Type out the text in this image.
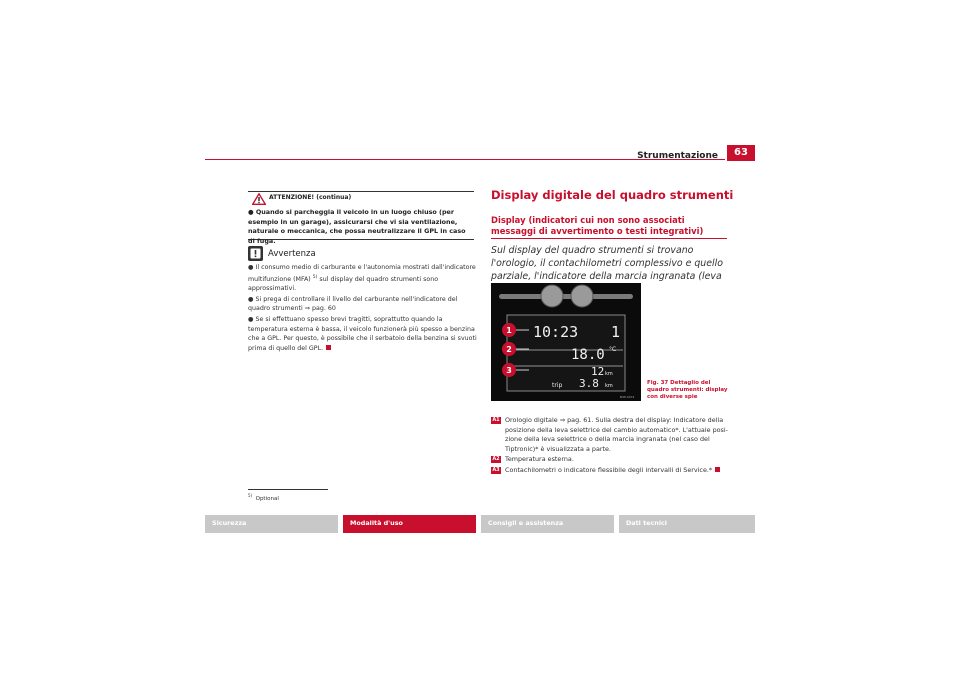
Strumentazione	63
ATTENZIONE! (continua)
● Quando si parcheggia il veicolo in un luogo chiuso (per esempio in un garage), assicurarsi che vi sia ventilazione, naturale o meccanica, che possa neutralizzare il GPL in caso di fuga.
Avvertenza

● Il consumo medio di carburante e l'autonomia mostrati dall'indicatore multifunzione (MFA) $^{5)}$ sul display del quadro strumenti sono approssimativi.

● Si prega di controllare il livello del carburante nell'indicatore del quadro strumenti ⇒ pag. 60

● Se si effettuano spesso brevi tragitti, soprattutto quando la temperatura esterna è bassa, il veicolo funzionerà più spesso a benzina che a GPL. Per questo, è possibile che il serbatoio della benzina si svuoti prima di quello del GPL.

$^{5)}$  Optional
Display digitale del quadro strumenti
Display (indicatori cui non sono associati messaggi di avvertimento o testi integrativi)
Sul display del quadro strumenti si trovano l'orologio, il contachilometri complessivo e quello parziale, l'indicatore della marcia ingranata (leva
1
2
3
10:23 1
18.0 °C
12 km
trip 3.8 km
B4P-0472
Fig. 37 Dettaglio del quadro strumenti: display con diverse spie
A1 Orologio digitale ⇒ pag. 61. Sulla destra del display: Indicatore della posizione della leva selettrice del cambio automatico*. L'attuale posi- zione della leva selettrice o della marcia ingranata (nel caso del Tiptronic)* è visualizzata a parte.
A2 Temperatura esterna.
A3 Contachilometri o indicatore flessibile degli intervalli di Service.*
Sicurezza	Modalità d'uso	Consigli e assistenza	Dati tecnici
